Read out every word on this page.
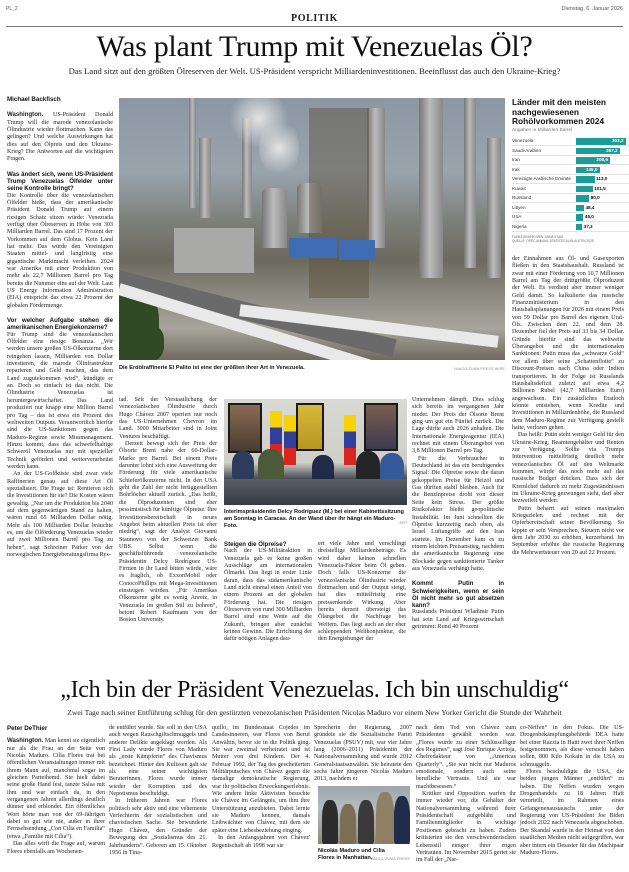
PL_2
POLITIK
Dienstag, 6. Januar 2026
Was plant Trump mit Venezuelas Öl?
Das Land sitzt auf den größten Ölreserven der Welt. US-Präsident verspricht Milliardeninvestitionen. Beeinflusst das auch den Ukraine-Krieg?
Michael Backfisch

Washington. US-Präsident Donald Trump will die marode venezolanische Ölindustrie wieder flottmachen. Kann das gelingen? Und welche Auswirkungen hat dies auf den Ölpreis und den Ukraine-Krieg? Die Antworten auf die wichtigsten Fragen.

Was ändert sich, wenn US-Präsident Trump Venezuelas Ölfelder unter seine Kontrolle bringt?

Die Kontrolle über die venezolanischen Ölfelder hieße, dass der amerikanische Präsident Donald Trump auf einem riesigen Schatz sitzen würde: Venezuela verfügt über Ölreserven in Höhe von 303 Milliarden Barrel. Das sind 17 Prozent der Vorkommen auf dem Globus. Kein Land hat mehr. Das würde den Vereinigten Staaten mittel- und langfristig eine gigantische Marktmacht verleihen. 2024 war Amerika mit einer Produktion von mehr als 22,7 Millionen Barrel pro Tag bereits die Nummer eins auf der Welt. Laut US Energy Information Administration (EIA) entspricht das etwa 22 Prozent der globalen Fördermenge.

Vor welcher Aufgabe stehen die amerikanischen Energiekonzerne?

Für Trump sind die venezolanischen Ölfelder eine riesige Bonanza. „Wir werden unsere großen US-Ölkonzerne dort reingehen lassen, Milliarden von Dollar investieren, die marode Ölinfrastruktur reparieren und Geld machen, das dem Land zugutekommen wird“, kündigte er an. Doch so einfach ist das nicht. Die Ölindustrie Venezuelas ist heruntergewirtschaftet. Das Land produziert nur knapp eine Million Barrel pro Tag – das ist etwa ein Prozent des weltweiten Outputs. Verantwortlich hierfür sind die US-Sanktionen gegen das Maduro-Regime sowie Missmanagement. Hinzu kommt, dass das schwefelhaltige Schweröl Venezuelas nur mit spezieller Technik gefördert und weiterverarbeitet werden kann.

An der US-Golfküste sind zwar viele Raffinerien genau auf diese Art Öl spezialisiert. Die Frage ist: Rentieren sich die Investitionen für sie? Die Kosten wären gewaltig. „Nur um die Produktion bis 2040 auf dem gegenwärtigen Stand zu halten, wären rund 65 Milliarden Dollar nötig. Mehr als 100 Milliarden Dollar bräuchte es, um die Ölförderung Venezuelas wieder auf zwei Millionen Barrel pro Tag zu heben“, sagt Schreiner Parker von der norwegischen Energieberatungsfirma Rys-

Die Erdölraffinerie El Palito ist eine der größten ihrer Art in Venezuela.	IMAGO/ZUMA PRESS WIRE
Länder mit den meisten nachgewiesenen Rohölvorkommen 2024
Angaben in Milliarden Barrel
Venezuela	303,2
Saudi-Arabien	267,2
Iran	208,6
Irak	145,0
Vereinigte Arabische Emirate	113,0
Kuwait	101,5
Russland	80,0
Libyen	48,4
USA	45,0
Nigeria	37,3
FUNKEGRAFIK NRW: ANNA STAIS
QUELLE: OPEC ANNUAL STATISTICAL BULLETIN 2025

tad. Seit der Verstaatlichung der venezolanischen Ölindustrie durch Hugo Chávez 2007 operiert nur noch das US-Unternehmen Chevron im Land. 3000 Mitarbeiter sind in Joint Ventures beschäftigt.

Derzeit bewegt sich der Preis der Ölsorte Brent nahe der 60-Dollar-Marke pro Barrel. Bei einem Preis darunter lohnt sich eine Ausweitung der Förderung für viele amerikanische Schieferölkonzerne nicht. In den USA geht die Zahl der nicht fertiggestellten Bohrlöcher aktuell zurück. „Das heißt, die Ölproduzenten sind eher pessimistisch für künftige Ölpreise. Ihre Investitionsbereitschaft in neues Angebot beim aktuellen Preis ist eher niedrig“, sagt der Analyst Giovanni Staunovo von der Schweizer Bank UBS. Selbst wenn die geschäftsführende venezolanische Präsidentin Delcy Rodríguez US-Firmen in ihr Land bitten würde, wäre es fraglich, ob ExxonMobil oder ConocoPhillips mit Mega-Investitionen einsteigen würden. „Für Amerikas Ölkonzerne gibt es wenig Anreiz, in Venezuela im großen Stil zu bohren“, betont Robert Kaufmann von der Boston University.

Interimspräsidentin Delcy Rodríguez (M.) bei einer Kabinettssitzung am Sonntag in Caracas. An der Wand über ihr hängt ein Maduro-Foto.	AFP
Steigen die Ölpreise?

Nach der US-Militäraktion in Venezuela gab es keine großen Ausschläge am internationalen Ölmarkt. Das liegt in erster Linie daran, dass das südamerikanische Land nicht einmal einen Anteil von einem Prozent an der globalen Förderung hat. Die riesigen Ölreserven von rund 300 Milliarden Barrel sind eine Wette auf die Zukunft, bringen aber zunächst keinen Gewinn. Die Errichtung der dafür nötigen Anlagen dau-

ert viele Jahre und verschlingt dreistellige Milliardenbeträge. Es wird daher keinen schnellen Venezuela-Faktor beim Öl geben. Doch falls US-Konzerne die venezolanische Ölindustrie wieder flottmachen und der Output steigt, hat dies mittelfristig eine preissenkende Wirkung. Aber bereits derzeit übersteigt das Ölangebot die Nachfrage bei Weitem. Das liegt auch an der eher schleppenden Weltkonjunktur, die den Energiehunger der

Unternehmen dämpft. Dies schlug sich bereits im vergangenen Jahr nieder. Der Preis der Ölsorte Brent ging um gut ein Fünftel zurück. Die Lage dürfte auch 2026 anhalten. Die Internationale Energieagentur (IEA) rechnet mit einem Überangebot von 3,8 Millionen Barrel pro Tag.

Für die Verbraucher in Deutschland ist das ein beruhigendes Signal: Die Ölpreise sowie die daran gekoppelten Preise für Heizöl und Gas dürften stabil bleiben. Auch für die Benzinpreise droht von dieser Seite kein Stress. Der größte Risikofaktor bleibt geopolitische Instabilität. Im Juni schnellten die Ölpreise kurzzeitig nach oben, als Israel Luftangriffe auf den Iran startete. Im Dezember kam es zu einem leichten Preisanstieg, nachdem die amerikanische Regierung eine Blockade gegen sanktionierte Tanker aus Venezuela verhängt hatte.

Kommt Putin in Schwierigkeiten, wenn er sein Öl nicht mehr so gut absetzen kann?

Russlands Präsident Wladimir Putin hat sein Land auf Kriegswirtschaft getrimmt: Rund 40 Prozent

der Einnahmen aus Öl- und Gasexporten fließen in den Staatshaushalt. Russland ist zwar mit einer Förderung von 10,7 Millionen Barrel am Tag der drittgrößte Ölproduzent der Welt. Es verdient aber immer weniger Geld damit. So kalkulierte das russische Finanzministerium in den Haushaltsplanungen für 2026 mit einem Preis von 59 Dollar pro Barrel des eigenen Ural-Öls. Zwischen dem 22. und dem 28. Dezember fiel der Preis auf 33 bis 34 Dollar. Gründe hierfür sind das weltweite Überangebot und die internationalen Sanktionen: Putin muss das „schwarze Gold“ vor allem über seine „Schattenflotte“ zu Discount-Preisen nach China oder Indien transportieren. In der Folge ist Russlands Haushaltsdefizit zuletzt auf etwa 4,2 Billionen Rubel (42,7 Milliarden Euro) angewachsen. Ein zusätzliches Etatloch könnte entstehen, wenn Kredite und Investitionen in Milliardenhöhe, die Russland dem Maduro-Regime zur Verfügung gestellt hatte, verloren gehen.

Das heißt: Putin steht weniger Geld für den Ukraine-Krieg, Beamtengehälter und Renten zur Verfügung. Sollte via Trumps Intervention mittelfristig deutlich mehr venezolanisches Öl auf den Weltmarkt kommen, würde das noch mehr auf das russische Budget drücken. Dass sich der Kremlchef dadurch zu mehr Zugeständnissen im Ukraine-Krieg gezwungen sieht, darf aber bezweifelt werden.

Putin beharrt auf seinen maximalen Kriegszielen und rechnet mit der Opferbereitschaft seiner Bevölkerung. So kippte er sein Versprechen, Steuern nicht vor dem Jahr 2030 zu erhöhen, kurzerhand. Im September erhöhte die russische Regierung die Mehrwertsteuer von 20 auf 22 Prozent.

„Ich bin der Präsident Venezuelas. Ich bin unschuldig“
Zwei Tage nach seiner Entführung schlug für den gestürzten venezolanischen Präsidenten Nicolas Maduro vor einem New Yorker Gericht die Stunde der Wahrheit
Peter DeThier

Washington. Man kennt sie eigentlich nur als die Frau an der Seite von Nicolás Maduro. Cilia Flores trat bei öffentlichen Veranstaltungen immer mit ihrem Mann auf, manchmal sogar im gleichen Parteihemd. Sie hielt dabei seine große Hand fest, tanzte Salsa mit ihm und war einfach da, in den vergangenen Jahren allerdings deutlich dünner und erblondet. Ein öffentliches Wort hörte man von der 69-Jährigen dabei so gut wie nie, außer in ihrer Fernsehsendung „Con Cilia en Familia“ (etwa „Familie mit Cilia“).

Das alles wirft die Frage auf, warum Flores ebenfalls am Wochenen-

de entführt wurde. Sie soll in den USA auch wegen Rauschgiftschmuggels und anderer Delikte angeklagt werden. Als First Lady wurde Flores von Maduro als „erste Kämpferin“ des Chavismus bezeichnet. Hinter den Kulissen galt sie als eine seiner wichtigsten Beraterinnen. Flores wurde immer wieder der Korruption und des Nepotismus beschuldigt.

In früheren Jahren war Flores politisch sehr aktiv und eine vehemente Verfechterin der sozialistischen und chavistischen Sache. Sie bewunderte Hugo Chávez, den Gründer der Bewegung des „Sozialismus des 21. Jahrhunderts“. Geboren am 15. Oktober 1956 in Tina-

quillo, im Bundesstaat Cojedes im Landesinneren, war Flores von Beruf Anwältin, bevor sie in die Politik ging. Sie war zweimal verheiratet und ist Mutter von drei Kindern. Der 4. Februar 1992, der Tag des gescheiterten Militärputsches von Chávez gegen die damalige demokratische Regierung, war ihr politisches Erweckungserlebnis. Wie andere linke Aktivisten besuchte sie Chávez im Gefängnis, um ihm ihre Unterstützung anzubieten. Dabei lernte sie Maduro kennen, damals Leibwächter von Chávez, mit dem sie später eine Liebesbeziehung einging.

In den Anfangsjahren von Chávez' Regentschaft ab 1998 war sie

Sprecherin der Regierung, 2007 gründete sie die Sozialistische Partei Venezuelas (PSUV) mit, war vier Jahre lang (2006–2011) Präsidentin der Nationalversammlung und wurde 2012 Generalstaatsanwältin. Sie heiratete den sechs Jahre jüngeren Nicolás Maduro 2013, nachdem er

Nicolás Maduro und Cilia Flores in Manhattan.
IMAGO/ZUMA PRESS

nach dem Tod von Chávez zum Präsidenten gewählt worden war. „Flores wurde zu einer Schlüsselfigur des Regimes“, sagt José Enrique Arrioja, Chefredakteur von „Americas Quarterly“. „Sie war nicht nur Maduros emotionale, sondern auch seine berufliche Vertraute. Und sie war machtbesessen.“

Kritiker und Opposition warfen ihr immer wieder vor, die Gehälter der Nationalversammlung während ihrer Präsidentschaft aufgebläht und Familienmitglieder in wichtige Positionen gebracht zu haben. Zudem kritisierten sie den verschwenderischen Lebensstil einiger ihrer engen Vertrauten. Im November 2015 geriet sie im Fall der „Nar-

co-Neffen“ in den Fokus. Die US-Drogenbekämpfungsbehörde DEA hatte bei einer Razzia in Haiti zwei ihrer Neffen festgenommen, als diese versucht haben sollen, 800 Kilo Kokain in die USA zu schmuggeln.

Flores beschuldigte die USA, die beiden jungen Männer „entführt“ zu haben. Die Neffen wurden wegen Drogenhandels zu 18 Jahren Haft verurteilt, im Rahmen eines Gefangenenaustauschs unter der Regierung von US-Präsident Joe Biden jedoch 2022 nach Venezuela abgeschoben. Der Skandal wurde in der Heimat von den staatlichen Medien nicht aufgegriffen, war aber intern ein Desaster für das Machtpaar Maduro-Flores.
